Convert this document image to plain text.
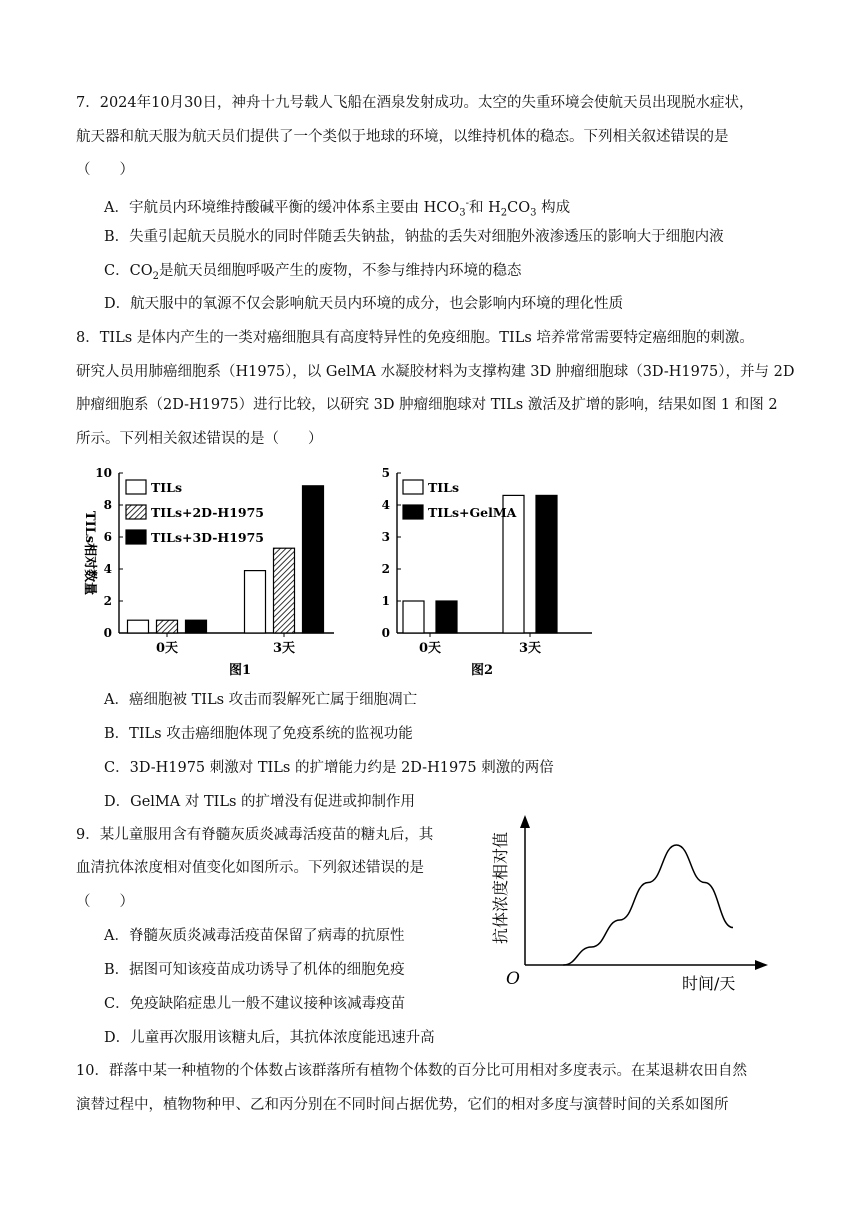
7．2024年10月30日，神舟十九号载人飞船在酒泉发射成功。太空的失重环境会使航天员出现脱水症状，
航天器和航天服为航天员们提供了一个类似于地球的环境，以维持机体的稳态。下列相关叙述错误的是
（　　）
A．宇航员内环境维持酸碱平衡的缓冲体系主要由 $HCO_3^-$和 $H_2CO_3$ 构成
B．失重引起航天员脱水的同时伴随丢失钠盐，钠盐的丢失对细胞外液渗透压的影响大于细胞内液
C．$CO_2$是航天员细胞呼吸产生的废物，不参与维持内环境的稳态
D．航天服中的氧源不仅会影响航天员内环境的成分，也会影响内环境的理化性质
8．TILs 是体内产生的一类对癌细胞具有高度特异性的免疫细胞。TILs 培养常常需要特定癌细胞的刺激。
研究人员用肺癌细胞系（H1975），以 GelMA 水凝胶材料为支撑构建 3D 肿瘤细胞球（3D-H1975），并与 2D
肿瘤细胞系（2D-H1975）进行比较，以研究 3D 肿瘤细胞球对 TILs 激活及扩增的影响，结果如图 1 和图 2
所示。下列相关叙述错误的是（　　）
0
2
4
6
8
10
0天	3天
TILs
TILs+2D-H1975
TILs+3D-H1975
图1
TILs相对数量
0
1
2
3
4
5
0天	3天
TILs
TILs+GelMA
图2
A．癌细胞被 TILs 攻击而裂解死亡属于细胞凋亡
B．TILs 攻击癌细胞体现了免疫系统的监视功能
C．3D-H1975 刺激对 TILs 的扩增能力约是 2D-H1975 刺激的两倍
D．GelMA 对 TILs 的扩增没有促进或抑制作用
9．某儿童服用含有脊髓灰质炎减毒活疫苗的糖丸后，其
血清抗体浓度相对值变化如图所示。下列叙述错误的是
（　　）
A．脊髓灰质炎减毒活疫苗保留了病毒的抗原性
B．据图可知该疫苗成功诱导了机体的细胞免疫
C．免疫缺陷症患儿一般不建议接种该减毒疫苗
D．儿童再次服用该糖丸后，其抗体浓度能迅速升高
O	时间/天
抗体浓度相对值
10．群落中某一种植物的个体数占该群落所有植物个体数的百分比可用相对多度表示。在某退耕农田自然
演替过程中，植物物种甲、乙和丙分别在不同时间占据优势，它们的相对多度与演替时间的关系如图所
